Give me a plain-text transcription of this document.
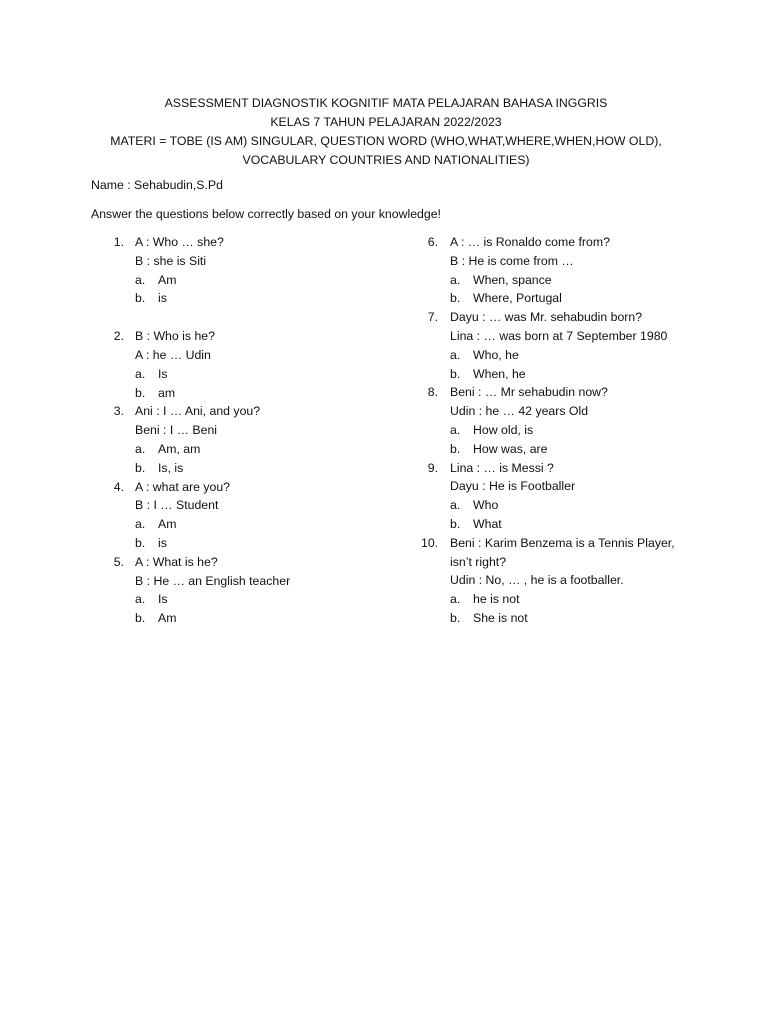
ASSESSMENT DIAGNOSTIK KOGNITIF MATA PELAJARAN BAHASA INGGRIS
KELAS 7 TAHUN PELAJARAN 2022/2023
MATERI = TOBE (IS AM) SINGULAR, QUESTION WORD (WHO,WHAT,WHERE,WHEN,HOW OLD),
VOCABULARY COUNTRIES AND NATIONALITIES)
Name : Sehabudin,S.Pd
Answer the questions below correctly based on your knowledge!
1. A : Who … she?
B : she is Siti
a. Am
b. is
2. B : Who is he?
A : he … Udin
a. Is
b. am
3. Ani : I … Ani, and you?
Beni : I … Beni
a. Am, am
b. Is, is
4. A : what are you?
B : I … Student
a. Am
b. is
5. A : What is he?
B : He … an English teacher
a. Is
b. Am
6. A : … is Ronaldo come from?
B : He is come from …
a. When, spance
b. Where, Portugal
7. Dayu : … was Mr. sehabudin born?
Lina : … was born at 7 September 1980
a. Who, he
b. When, he
8. Beni : … Mr sehabudin now?
Udin : he … 42 years Old
a. How old, is
b. How was, are
9. Lina : … is Messi ?
Dayu : He is Footballer
a. Who
b. What
10. Beni : Karim Benzema is a Tennis Player,
isn’t right?
Udin : No, … , he is a footballer.
a. he is not
b. She is not
